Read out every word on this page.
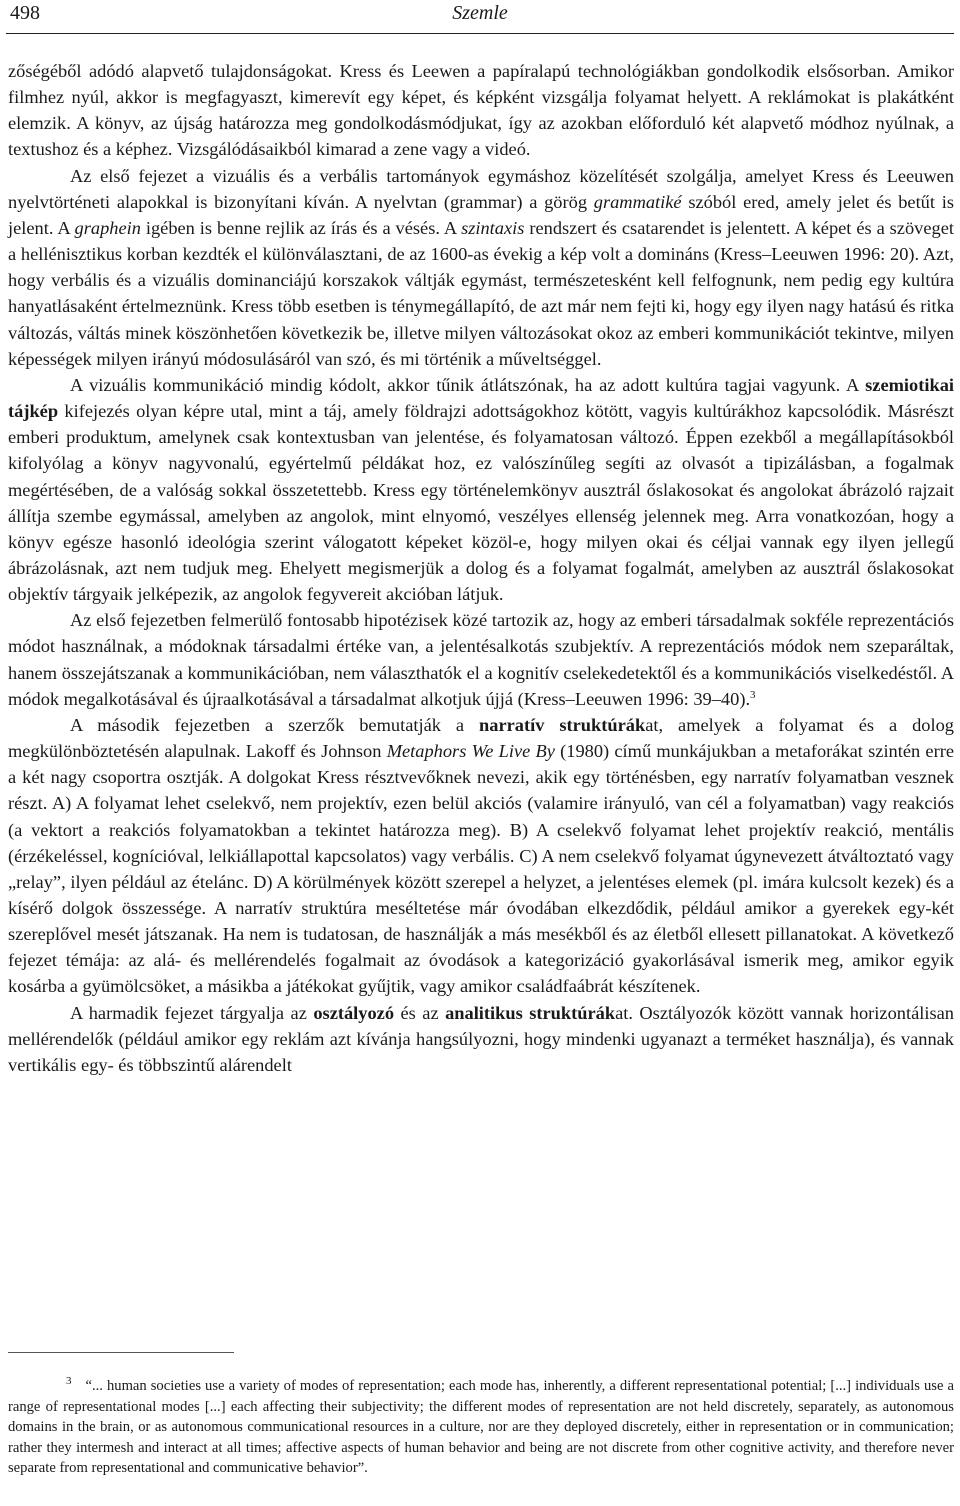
498	Szemle

zőségéből adódó alapvető tulajdonságokat. Kress és Leewen a papíralapú technológiákban gondolkodik elsősorban. Amikor filmhez nyúl, akkor is megfagyaszt, kimerevít egy képet, és képként vizsgálja folyamat helyett. A reklámokat is plakátként elemzik. A könyv, az újság határozza meg gondolkodásmódjukat, így az azokban előforduló két alapvető módhoz nyúlnak, a textushoz és a képhez. Vizsgálódásaikból kimarad a zene vagy a videó.

Az első fejezet a vizuális és a verbális tartományok egymáshoz közelítését szolgálja, amelyet Kress és Leeuwen nyelvtörténeti alapokkal is bizonyítani kíván. A nyelvtan (grammar) a görög grammatiké szóból ered, amely jelet és betűt is jelent. A graphein igében is benne rejlik az írás és a vésés. A szintaxis rendszert és csatarendet is jelentett. A képet és a szöveget a hellénisztikus korban kezdték el különválasztani, de az 1600-as évekig a kép volt a domináns (Kress–Leeuwen 1996: 20). Azt, hogy verbális és a vizuális dominanciájú korszakok váltják egymást, természetesként kell felfognunk, nem pedig egy kultúra hanyatlásaként értelmeznünk. Kress több esetben is ténymegállapító, de azt már nem fejti ki, hogy egy ilyen nagy hatású és ritka változás, váltás minek köszönhetően következik be, illetve milyen változásokat okoz az emberi kommunikációt tekintve, milyen képességek milyen irányú módosulásáról van szó, és mi történik a műveltséggel.

A vizuális kommunikáció mindig kódolt, akkor tűnik átlátszónak, ha az adott kultúra tagjai vagyunk. A szemiotikai tájkép kifejezés olyan képre utal, mint a táj, amely földrajzi adottságokhoz kötött, vagyis kultúrákhoz kapcsolódik. Másrészt emberi produktum, amelynek csak kontextusban van jelentése, és folyamatosan változó. Éppen ezekből a megállapításokból kifolyólag a könyv nagyvonalú, egyértelmű példákat hoz, ez valószínűleg segíti az olvasót a tipizálásban, a fogalmak megértésében, de a valóság sokkal összetettebb. Kress egy történelemkönyv ausztrál őslakosokat és angolokat ábrázoló rajzait állítja szembe egymással, amelyben az angolok, mint elnyomó, veszélyes ellenség jelennek meg. Arra vonatkozóan, hogy a könyv egésze hasonló ideológia szerint válogatott képeket közöl-e, hogy milyen okai és céljai vannak egy ilyen jellegű ábrázolásnak, azt nem tudjuk meg. Ehelyett megismerjük a dolog és a folyamat fogalmát, amelyben az ausztrál őslakosokat objektív tárgyaik jelképezik, az angolok fegyvereit akcióban látjuk.

Az első fejezetben felmerülő fontosabb hipotézisek közé tartozik az, hogy az emberi társadalmak sokféle reprezentációs módot használnak, a módoknak társadalmi értéke van, a jelentésalkotás szubjektív. A reprezentációs módok nem szeparáltak, hanem összejátszanak a kommunikációban, nem választhatók el a kognitív cselekedetektől és a kommunikációs viselkedéstől. A módok megalkotásával és újraalkotásával a társadalmat alkotjuk újjá (Kress–Leeuwen 1996: 39–40).$^3$

A második fejezetben a szerzők bemutatják a narratív struktúrákat, amelyek a folyamat és a dolog megkülönböztetésén alapulnak. Lakoff és Johnson Metaphors We Live By (1980) című munkájukban a metaforákat szintén erre a két nagy csoportra osztják. A dolgokat Kress résztvevőknek nevezi, akik egy történésben, egy narratív folyamatban vesznek részt. A) A folyamat lehet cselekvő, nem projektív, ezen belül akciós (valamire irányuló, van cél a folyamatban) vagy reakciós (a vektort a reakciós folyamatokban a tekintet határozza meg). B) A cselekvő folyamat lehet projektív reakció, mentális (érzékeléssel, kognícióval, lelkiállapottal kapcsolatos) vagy verbális. C) A nem cselekvő folyamat úgynevezett átváltoztató vagy „relay”, ilyen például az ételánc. D) A körülmények között szerepel a helyzet, a jelentéses elemek (pl. imára kulcsolt kezek) és a kísérő dolgok összessége. A narratív struktúra meséltetése már óvodában elkezdődik, például amikor a gyerekek egy-két szereplővel mesét játszanak. Ha nem is tudatosan, de használják a más mesékből és az életből ellesett pillanatokat. A következő fejezet témája: az alá- és mellérendelés fogalmait az óvodások a kategorizáció gyakorlásával ismerik meg, amikor egyik kosárba a gyümölcsöket, a másikba a játékokat gyűjtik, vagy amikor családfaábrát készítenek.

A harmadik fejezet tárgyalja az osztályozó és az analitikus struktúrákat. Osztályozók között vannak horizontálisan mellérendelők (például amikor egy reklám azt kívánja hangsúlyozni, hogy mindenki ugyanazt a terméket használja), és vannak vertikális egy- és többszintű alárendelt

$^3$ “... human societies use a variety of modes of representation; each mode has, inherently, a different representational potential; [...] individuals use a range of representational modes [...] each affecting their subjectivity; the different modes of representation are not held discretely, separately, as autonomous domains in the brain, or as autonomous communicational resources in a culture, nor are they deployed discretely, either in representation or in communication; rather they intermesh and interact at all times; affective aspects of human behavior and being are not discrete from other cognitive activity, and therefore never separate from representational and communicative behavior”.
